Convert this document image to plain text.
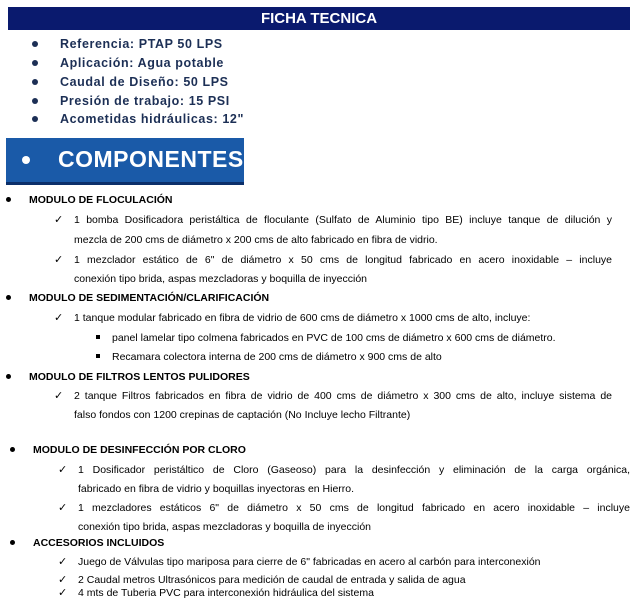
FICHA TECNICA
Referencia: PTAP 50 LPS
Aplicación: Agua potable
Caudal de Diseño: 50 LPS
Presión de trabajo: 15 PSI
Acometidas hidráulicas: 12"
COMPONENTES
MODULO DE FLOCULACIÓN
✓ 1 bomba Dosificadora peristáltica de floculante (Sulfato de Aluminio tipo BE) incluye tanque de dilución y
mezcla de 200 cms de diámetro x 200 cms de alto fabricado en fibra de vidrio.
✓ 1 mezclador estático de 6" de diámetro x 50 cms de longitud fabricado en acero inoxidable – incluye
conexión tipo brida, aspas mezcladoras y boquilla de inyección
MODULO DE SEDIMENTACIÓN/CLARIFICACIÓN
✓ 1 tanque modular fabricado en fibra de vidrio de 600 cms de diámetro x 1000 cms de alto, incluye:
panel lamelar tipo colmena fabricados en PVC de 100 cms de diámetro x 600 cms de diámetro.
Recamara colectora interna de 200 cms de diámetro x 900 cms de alto
MODULO DE FILTROS LENTOS PULIDORES
✓ 2 tanque Filtros fabricados en fibra de vidrio de 400 cms de diámetro x 300 cms de alto, incluye sistema de
falso fondos con 1200 crepinas de captación (No Incluye lecho Filtrante)
MODULO DE DESINFECCIÓN POR CLORO
✓ 1 Dosificador peristáltico de Cloro (Gaseoso) para la desinfección y eliminación de la carga orgánica,
fabricado en fibra de vidrio y boquillas inyectoras en Hierro.
✓ 1 mezcladores estáticos 6" de diámetro x 50 cms de longitud fabricado en acero inoxidable – incluye
conexión tipo brida, aspas mezcladoras y boquilla de inyección
ACCESORIOS INCLUIDOS
✓ Juego de Válvulas tipo mariposa para cierre de 6" fabricadas en acero al carbón para interconexión
✓ 2 Caudal metros Ultrasónicos para medición de caudal de entrada y salida de agua
✓ 4 mts de Tuberia PVC para interconexión hidráulica del sistema
